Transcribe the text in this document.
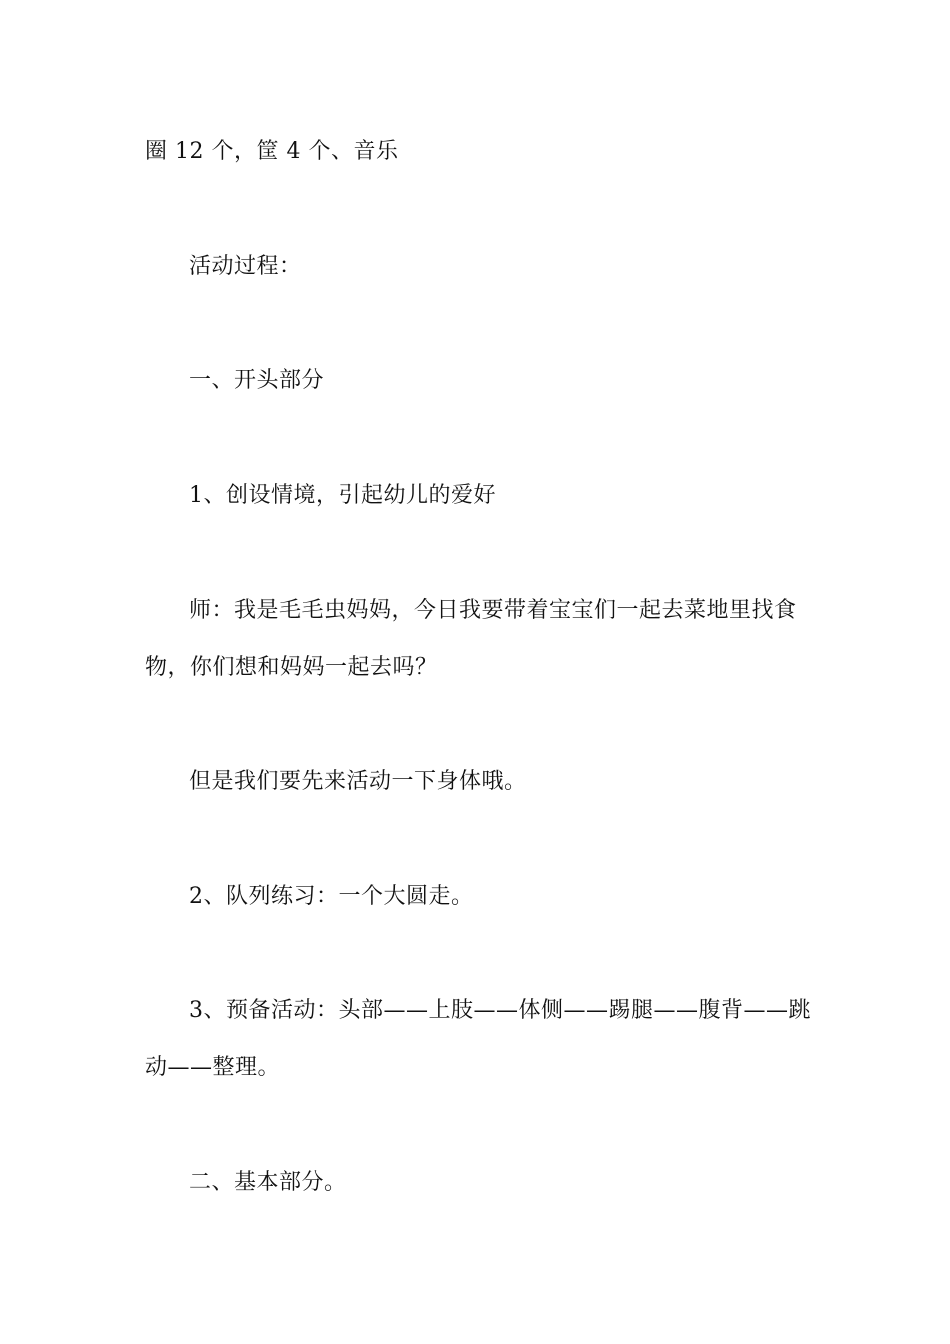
圈 12 个，筐 4 个、音乐
活动过程：
一、开头部分
1、创设情境，引起幼儿的爱好
师：我是毛毛虫妈妈，今日我要带着宝宝们一起去菜地里找食
物，你们想和妈妈一起去吗？
但是我们要先来活动一下身体哦。
2、队列练习：一个大圆走。
3、预备活动：头部——上肢——体侧——踢腿——腹背——跳
动——整理。
二、基本部分。
